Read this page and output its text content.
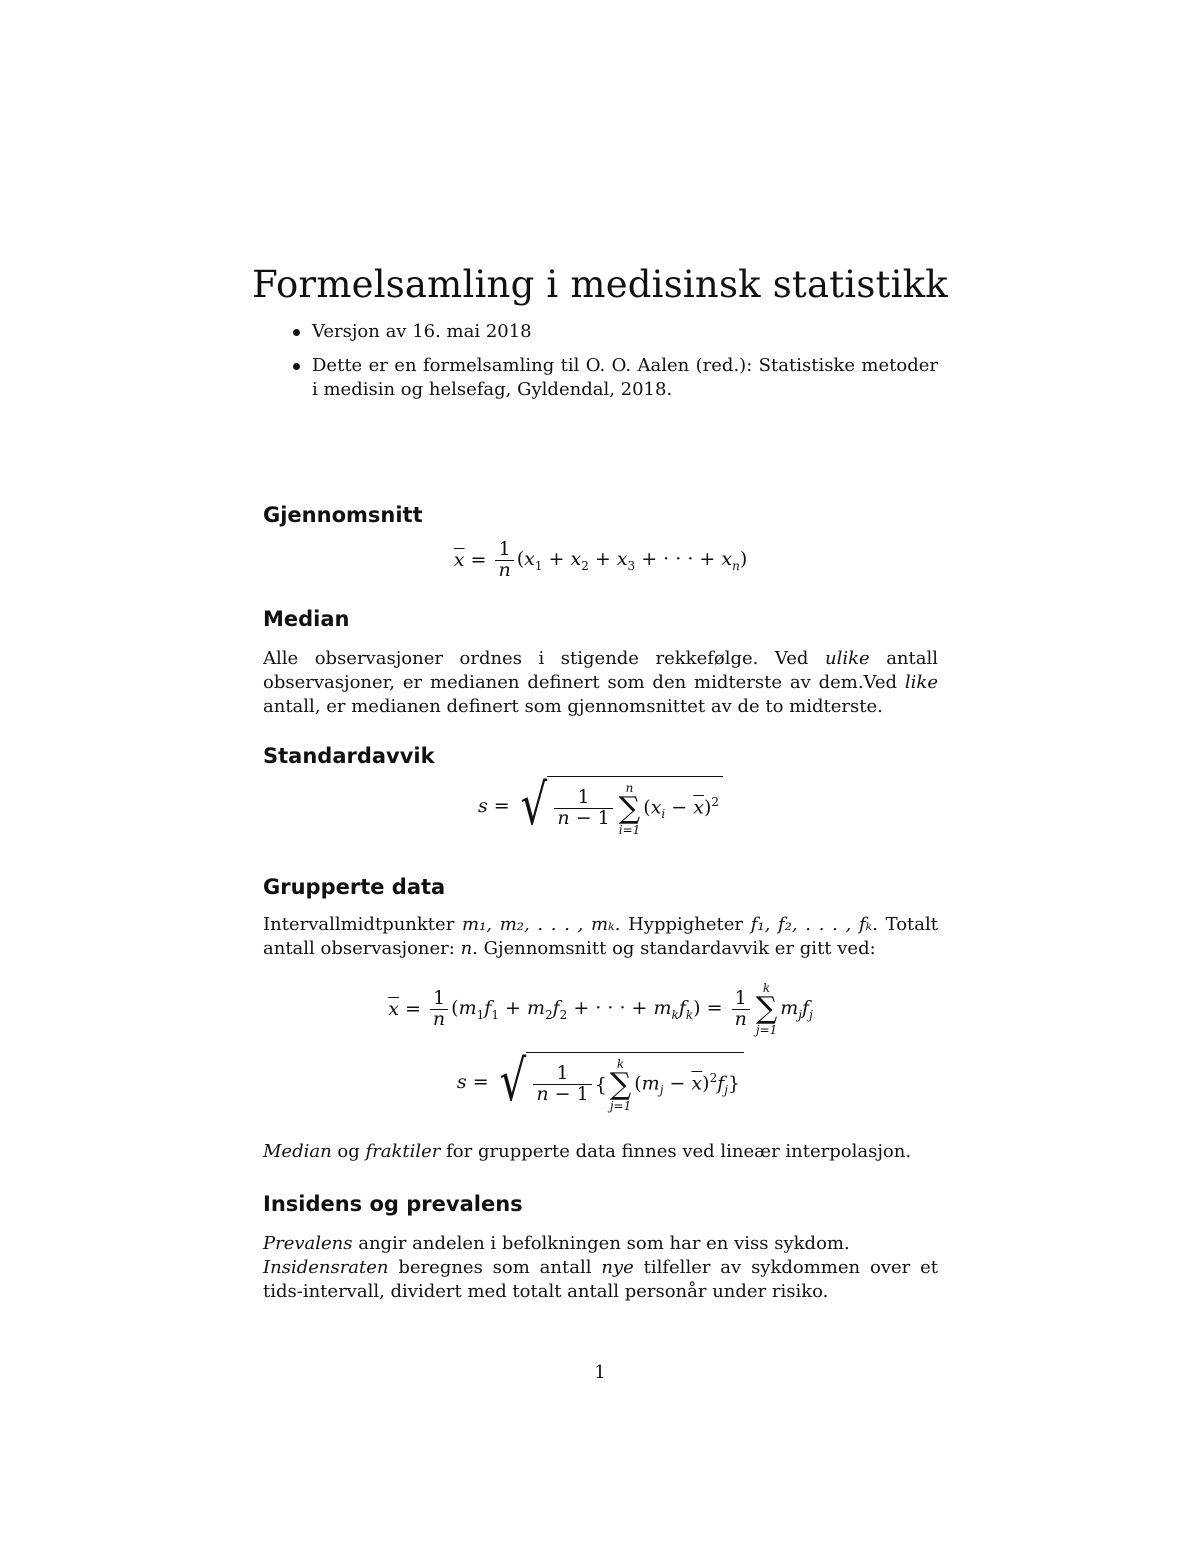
Formelsamling i medisinsk statistikk
Versjon av 16. mai 2018
Dette er en formelsamling til O. O. Aalen (red.): Statistiske metoder i medisin og helsefag, Gyldendal, 2018.
Gjennomsnitt
$\overline{x} = \frac{1}{n} (x_1 + x_2 + x_3$ + · · · + $x_n$)
Median

Alle observasjoner ordnes i stigende rekkefølge. Ved ulike antall observasjoner, er medianen definert som den midterste av dem.Ved like antall, er medianen definert som gjennomsnittet av de to midterste.

Standardavvik
s = √ $\frac{1}{n - 1}$
n
∑
i=1
$(x_i - \overline{x})^2$
Grupperte data

Intervallmidtpunkter m₁, m₂, . . . , mₖ. Hyppigheter f₁, f₂, . . . , fₖ. Totalt antall observasjoner: n. Gjennomsnitt og standardavvik er gitt ved:

$\overline{x} = \frac{1}{n} (m_1f_1 + m_2f_2$ + · · · + $m_kf_k) = \frac{1}{n}$
k
∑
j=1
$m_jf_j$
s = √ $\frac{1}{n - 1}$ {
k
∑
j=1
$(m_j - \overline{x})^2f_j$}

Median og fraktiler for grupperte data finnes ved lineær interpolasjon.

Insidens og prevalens

Prevalens angir andelen i befolkningen som har en viss sykdom.

Insidensraten beregnes som antall nye tilfeller av sykdommen over et tids-intervall, dividert med totalt antall personår under risiko.

1
